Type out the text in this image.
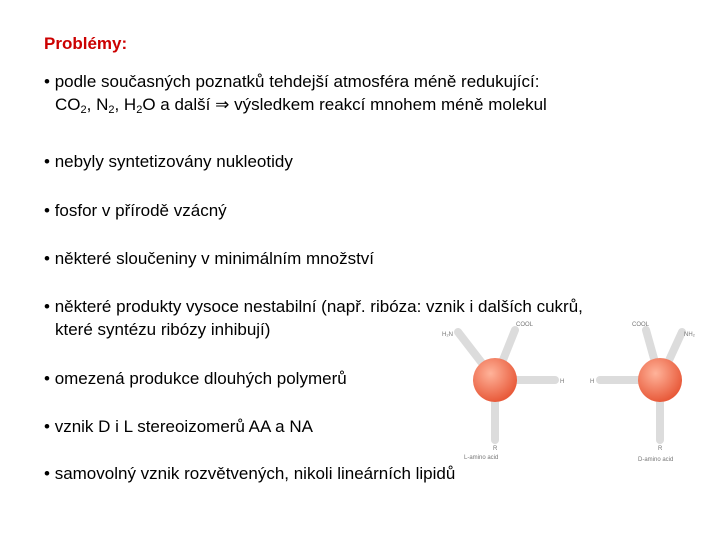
Problémy:
• podle současných poznatků tehdejší atmosféra méně redukující:
$CO_2$, $N_2$, $H_2O$ a další ⇒ výsledkem reakcí mnohem méně molekul
• nebyly syntetizovány nukleotidy
• fosfor v přírodě vzácný
• některé sloučeniny v minimálním množství
• některé produkty vysoce nestabilní (např. ribóza: vznik i dalších cukrů,
které syntézu ribózy inhibují)
• omezená produkce dlouhých polymerů
• vznik D i L stereoizomerů AA a NA
• samovolný vznik rozvětvených, nikoli lineárních lipidů
H₂N
COOL
H
R
L-amino acid
COOL
NH₂
H
R
D-amino acid
